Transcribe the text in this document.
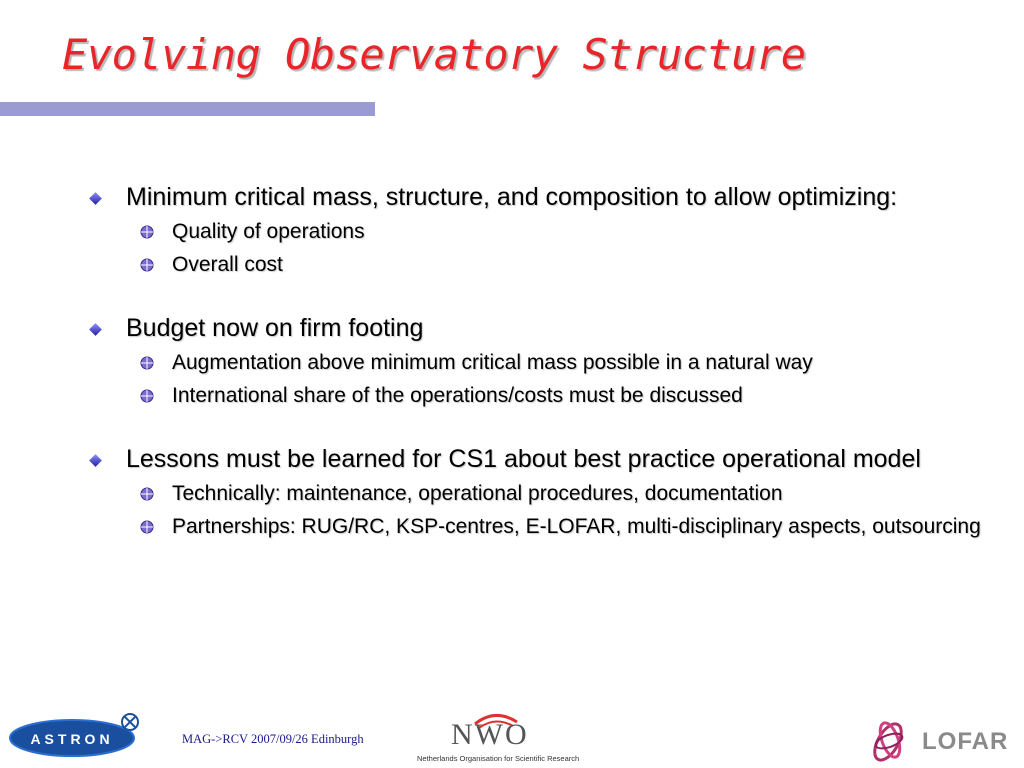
Evolving Observatory Structure
Minimum critical mass, structure, and composition to allow optimizing:
Quality of operations
Overall cost
Budget now on firm footing
Augmentation above minimum critical mass possible in a natural way
International share of the operations/costs must be discussed
Lessons must be learned for CS1 about best practice operational model
Technically: maintenance, operational procedures, documentation
Partnerships: RUG/RC, KSP-centres, E-LOFAR, multi-disciplinary aspects, outsourcing
ASTRON	MAG->RCV 2007/09/26 Edinburgh	NWO
Netherlands Organisation for Scientific Research
LOFAR
